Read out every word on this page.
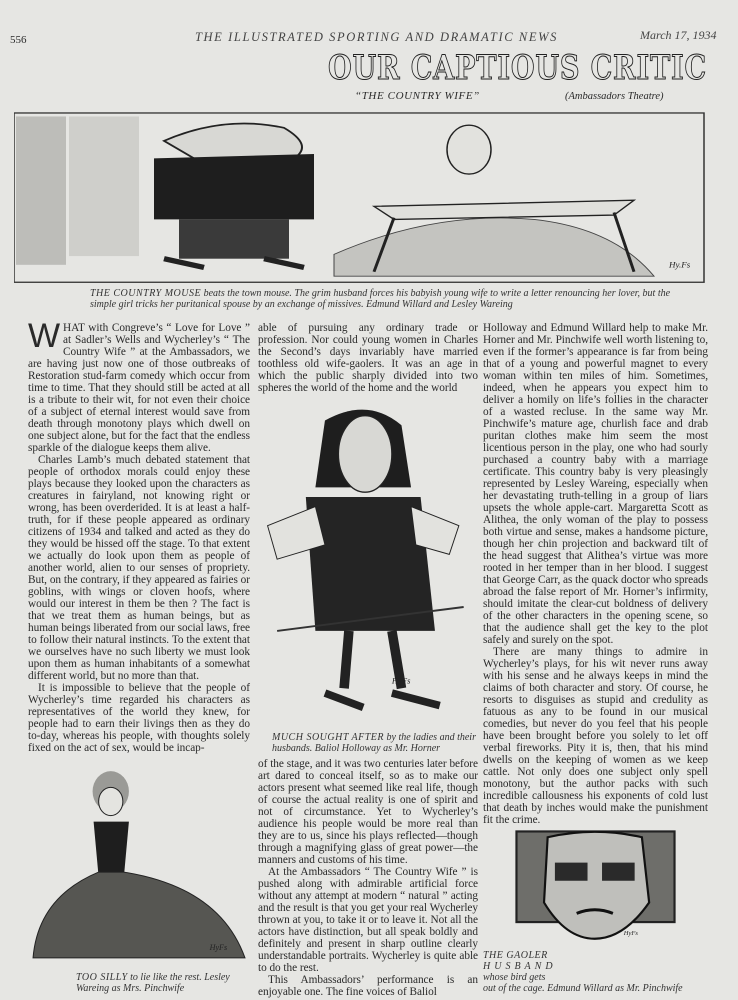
556	THE ILLUSTRATED SPORTING AND DRAMATIC NEWS	March 17, 1934
OUR CAPTIOUS CRITIC
“THE COUNTRY WIFE”	(Ambassadors Theatre)
Hy.Fs
THE COUNTRY MOUSE beats the town mouse. The grim husband forces his babyish young wife to write a letter renouncing her lover, but the simple girl tricks her puritanical spouse by an exchange of missives. Edmund Willard and Lesley Wareing

WHAT with Congreve’s “ Love for Love ” at Sadler’s Wells and Wycherley’s “ The Country Wife ” at the Ambassadors, we are having just now one of those outbreaks of Restoration stud-farm comedy which occur from time to time. That they should still be acted at all is a tribute to their wit, for not even their choice of a subject of eternal interest would save from death through monotony plays which dwell on one subject alone, but for the fact that the endless sparkle of the dialogue keeps them alive.

Charles Lamb’s much debated statement that people of orthodox morals could enjoy these plays because they looked upon the characters as creatures in fairyland, not knowing right or wrong, has been overderided. It is at least a half-truth, for if these people appeared as ordinary citizens of 1934 and talked and acted as they do they would be hissed off the stage. To that extent we actually do look upon them as people of another world, alien to our senses of propriety. But, on the contrary, if they appeared as fairies or goblins, with wings or cloven hoofs, where would our interest in them be then ? The fact is that we treat them as human beings, but as human beings liberated from our social laws, free to follow their natural instincts. To the extent that we ourselves have no such liberty we must look upon them as human inhabitants of a somewhat different world, but no more than that.

It is impossible to believe that the people of Wycherley’s time regarded his characters as representatives of the world they knew, for people had to earn their livings then as they do to-day, whereas his people, with thoughts solely fixed on the act of sex, would be incap-

HyFs
TOO SILLY to lie like the rest. Lesley Wareing as Mrs. Pinchwife

able of pursuing any ordinary trade or profession. Nor could young women in Charles the Second’s days invariably have married toothless old wife-gaolers. It was an age in which the public sharply divided into two spheres the world of the home and the world

HyFs
MUCH SOUGHT AFTER by the ladies and their husbands. Baliol Holloway as Mr. Horner

of the stage, and it was two centuries later before art dared to conceal itself, so as to make our actors present what seemed like real life, though of course the actual reality is one of spirit and not of circumstance. Yet to Wycherley’s audience his people would be more real than they are to us, since his plays reflected—though through a magnifying glass of great power—the manners and customs of his time.

At the Ambassadors “ The Country Wife ” is pushed along with admirable artificial force without any attempt at modern “ natural ” acting and the result is that you get your real Wycherley thrown at you, to take it or to leave it. Not all the actors have distinction, but all speak boldly and definitely and present in sharp outline clearly understandable portraits. Wycherley is quite able to do the rest.

This Ambassadors’ performance is an enjoyable one. The fine voices of Baliol

Holloway and Edmund Willard help to make Mr. Horner and Mr. Pinchwife well worth listening to, even if the former’s appearance is far from being that of a young and powerful magnet to every woman within ten miles of him. Sometimes, indeed, when he appears you expect him to deliver a homily on life’s follies in the character of a wasted recluse. In the same way Mr. Pinchwife’s mature age, churlish face and drab puritan clothes make him seem the most licentious person in the play, one who had sourly purchased a country baby with a marriage certificate. This country baby is very pleasingly represented by Lesley Wareing, especially when her devastating truth-telling in a group of liars upsets the whole apple-cart. Margaretta Scott as Alithea, the only woman of the play to possess both virtue and sense, makes a handsome picture, though her chin projection and backward tilt of the head suggest that Alithea’s virtue was more rooted in her temper than in her blood. I suggest that George Carr, as the quack doctor who spreads abroad the false report of Mr. Horner’s infirmity, should imitate the clear-cut boldness of delivery of the other characters in the opening scene, so that the audience shall get the key to the plot safely and surely on the spot.

There are many things to admire in Wycherley’s plays, for his wit never runs away with his sense and he always keeps in mind the claims of both character and story. Of course, he resorts to disguises as stupid and credulity as fatuous as any to be found in our musical comedies, but never do you feel that his people have been brought before you solely to let off verbal fireworks. Pity it is, then, that his mind dwells on the keeping of women as we keep cattle. Not only does one subject only spell monotony, but the author packs with such incredible callousness his exponents of cold lust that death by inches would make the punishment fit the crime.

HyFs
THE GAOLER
HUSBAND
whose bird gets
out of the cage. Edmund Willard as Mr. Pinchwife
